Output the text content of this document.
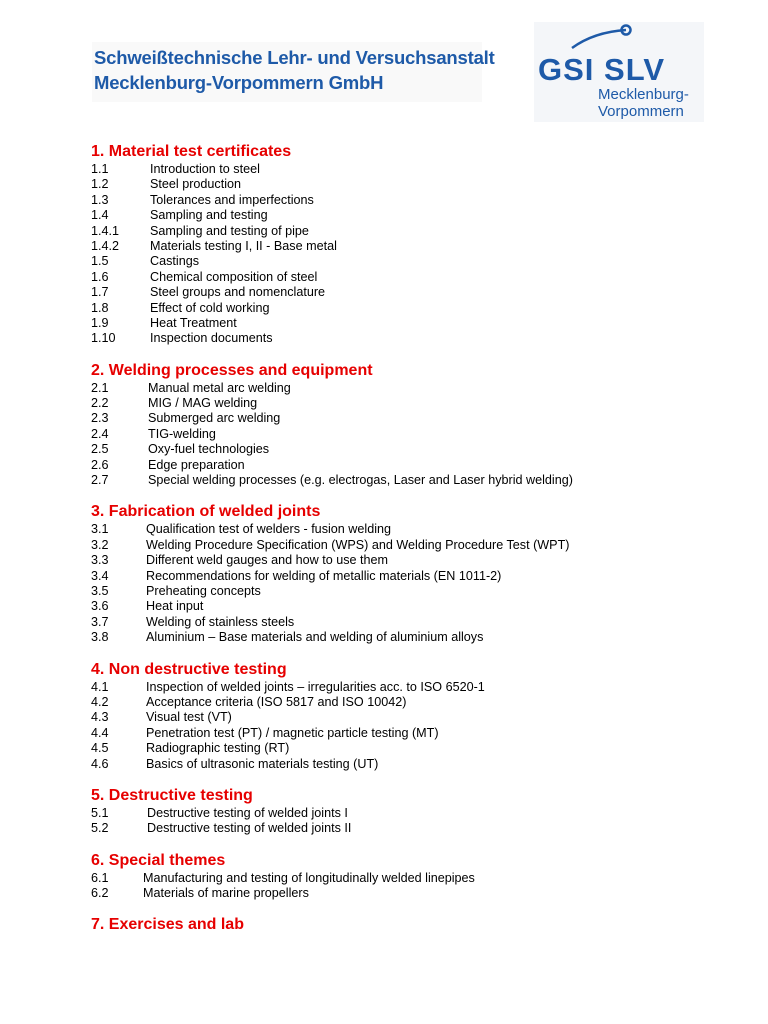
Schweißtechnische Lehr- und Versuchsanstalt
Mecklenburg-Vorpommern GmbH	GSI SLV
Mecklenburg-
Vorpommern
1. Material test certificates
1.1	Introduction to steel
1.2	Steel production
1.3	Tolerances and imperfections
1.4	Sampling and testing
1.4.1 Sampling and testing of pipe
1.4.2 Materials testing I, II - Base metal
1.5	Castings
1.6	Chemical composition of steel
1.7	Steel groups and nomenclature
1.8	Effect of cold working
1.9	Heat Treatment
1.10	Inspection documents
2. Welding processes and equipment
2.1	Manual metal arc welding
2.2	MIG / MAG welding
2.3	Submerged arc welding
2.4	TIG-welding
2.5	Oxy-fuel technologies
2.6	Edge preparation
2.7	Special welding processes (e.g. electrogas, Laser and Laser hybrid welding)
3. Fabrication of welded joints
3.1	Qualification test of welders - fusion welding
3.2	Welding Procedure Specification (WPS) and Welding Procedure Test (WPT)
3.3	Different weld gauges and how to use them
3.4	Recommendations for welding of metallic materials (EN 1011-2)
3.5	Preheating concepts
3.6	Heat input
3.7	Welding of stainless steels
3.8	Aluminium – Base materials and welding of aluminium alloys
4. Non destructive testing
4.1	Inspection of welded joints – irregularities acc. to ISO 6520-1
4.2	Acceptance criteria (ISO 5817 and ISO 10042)
4.3	Visual test (VT)
4.4	Penetration test (PT) / magnetic particle testing (MT)
4.5	Radiographic testing (RT)
4.6	Basics of ultrasonic materials testing (UT)
5. Destructive testing
5.1	Destructive testing of welded joints I
5.2	Destructive testing of welded joints II
6. Special themes
6.1	Manufacturing and testing of longitudinally welded linepipes
6.2	Materials of marine propellers
7. Exercises and lab
